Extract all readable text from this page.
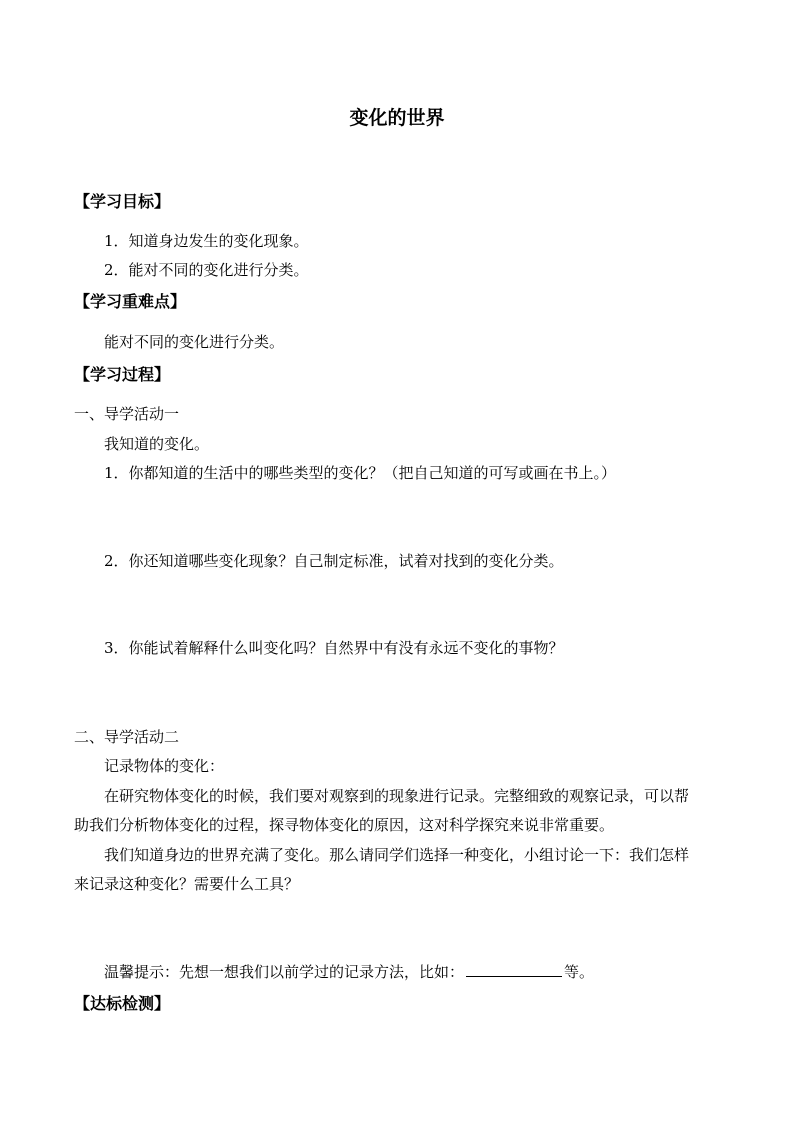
变化的世界
【学习目标】
1．知道身边发生的变化现象。
2．能对不同的变化进行分类。
【学习重难点】
能对不同的变化进行分类。
【学习过程】
一、导学活动一
我知道的变化。
1．你都知道的生活中的哪些类型的变化？（把自己知道的可写或画在书上。）
2．你还知道哪些变化现象？自己制定标准，试着对找到的变化分类。
3．你能试着解释什么叫变化吗？自然界中有没有永远不变化的事物？
二、导学活动二
记录物体的变化：
在研究物体变化的时候，我们要对观察到的现象进行记录。完整细致的观察记录，可以帮
助我们分析物体变化的过程，探寻物体变化的原因，这对科学探究来说非常重要。
我们知道身边的世界充满了变化。那么请同学们选择一种变化，小组讨论一下：我们怎样
来记录这种变化？需要什么工具？
温馨提示：先想一想我们以前学过的记录方法，比如：	等。
【达标检测】
